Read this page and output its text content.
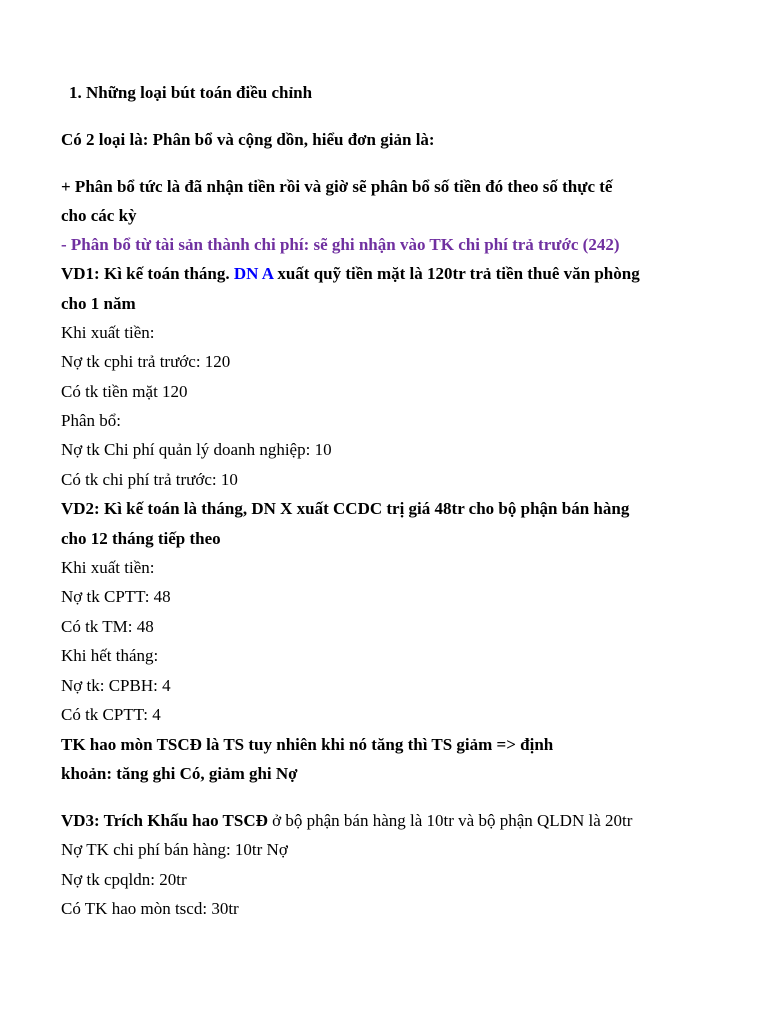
1. Những loại bút toán điều chỉnh
Có 2 loại là: Phân bổ và cộng dồn, hiểu đơn giản là:
+ Phân bổ tức là đã nhận tiền rồi và giờ sẽ phân bổ số tiền đó theo số thực tế
cho các kỳ
- Phân bổ từ tài sản thành chi phí: sẽ ghi nhận vào TK chi phí trả trước (242)
VD1: Kì kế toán tháng. DN A xuất quỹ tiền mặt là 120tr trả tiền thuê văn phòng
cho 1 năm
Khi xuất tiền:
Nợ tk cphi trả trước: 120
Có tk tiền mặt 120
Phân bổ:
Nợ tk Chi phí quản lý doanh nghiệp: 10
Có tk chi phí trả trước: 10
VD2: Kì kế toán là tháng, DN X xuất CCDC trị giá 48tr cho bộ phận bán hàng
cho 12 tháng tiếp theo
Khi xuất tiền:
Nợ tk CPTT: 48
Có tk TM: 48
Khi hết tháng:
Nợ tk: CPBH: 4
Có tk CPTT: 4
TK hao mòn TSCĐ là TS tuy nhiên khi nó tăng thì TS giảm => định
khoản: tăng ghi Có, giảm ghi Nợ
VD3: Trích Khấu hao TSCĐ ở bộ phận bán hàng là 10tr và bộ phận QLDN là 20tr
Nợ TK chi phí bán hàng: 10tr Nợ
Nợ tk cpqldn: 20tr
Có TK hao mòn tscd: 30tr
